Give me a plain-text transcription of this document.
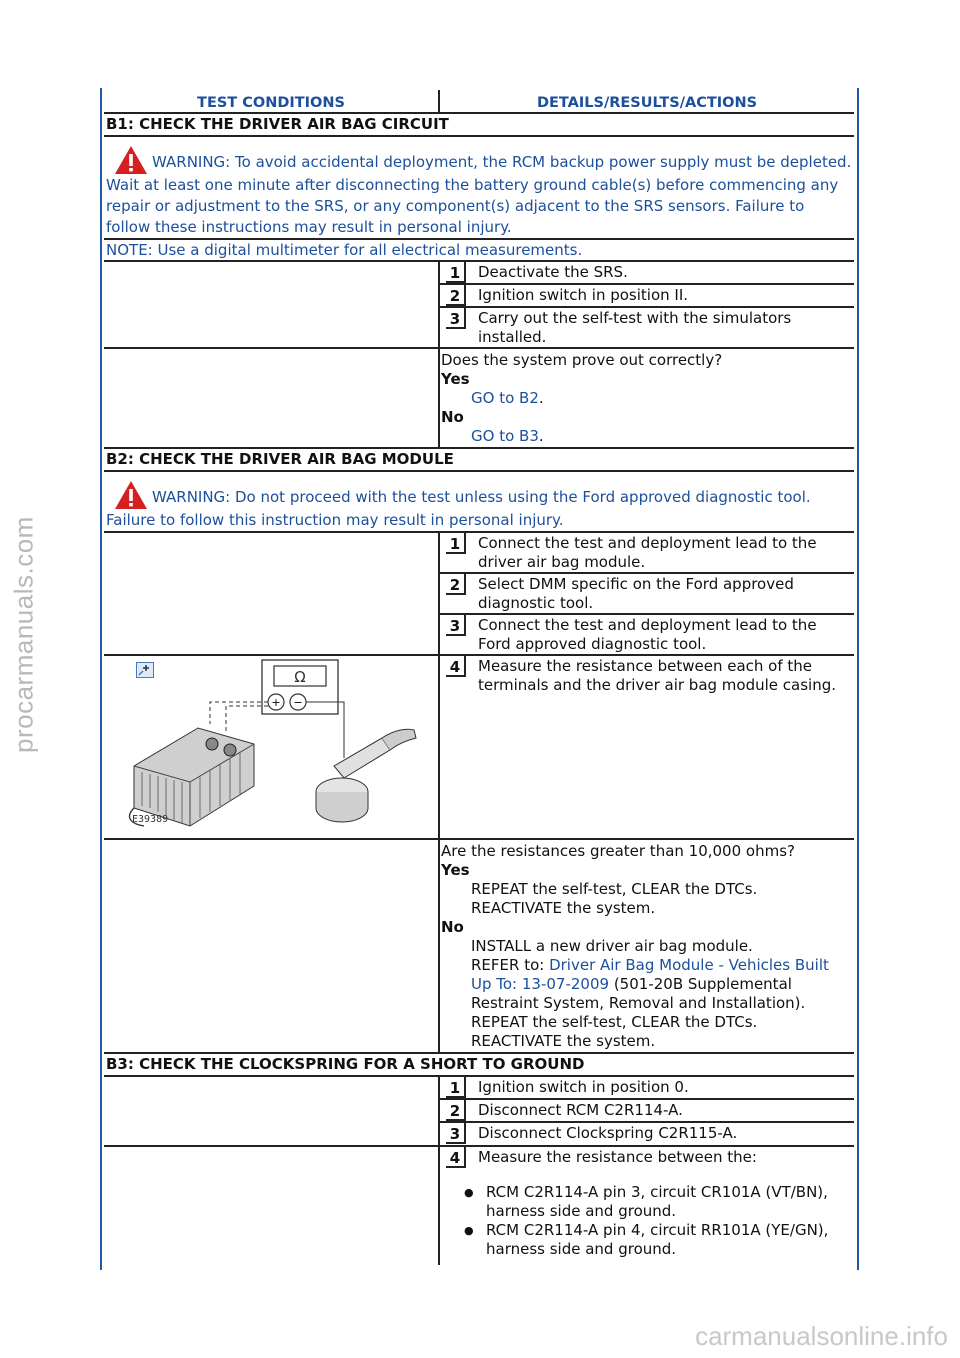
procarmanuals.com
carmanualsonline.info
TEST CONDITIONS	DETAILS/RESULTS/ACTIONS
B1: CHECK THE DRIVER AIR BAG CIRCUIT
WARNING: To avoid accidental deployment, the RCM backup power supply must be depleted. Wait at least one minute after disconnecting the battery ground cable(s) before commencing any repair or adjustment to the SRS, or any component(s) adjacent to the SRS sensors. Failure to follow these instructions may result in personal injury.
NOTE: Use a digital multimeter for all electrical measurements.
1	Deactivate the SRS.
2	Ignition switch in position II.
3	Carry out the self-test with the simulators installed.
Does the system prove out correctly?
Yes
GO to B2.
No
GO to B3.
B2: CHECK THE DRIVER AIR BAG MODULE
WARNING: Do not proceed with the test unless using the Ford approved diagnostic tool. Failure to follow this instruction may result in personal injury.
1	Connect the test and deployment lead to the driver air bag module.
2	Select DMM specific on the Ford approved diagnostic tool.
3	Connect the test and deployment lead to the Ford approved diagnostic tool.
Ω
+ −
E39389
4	Measure the resistance between each of the terminals and the driver air bag module casing.
Are the resistances greater than 10,000 ohms?
Yes
REPEAT the self-test, CLEAR the DTCs.
REACTIVATE the system.
No
INSTALL a new driver air bag module.
REFER to: Driver Air Bag Module - Vehicles Built Up To: 13-07-2009 (501-20B Supplemental Restraint System, Removal and Installation).
REPEAT the self-test, CLEAR the DTCs.
REACTIVATE the system.
B3: CHECK THE CLOCKSPRING FOR A SHORT TO GROUND
1	Ignition switch in position 0.
2	Disconnect RCM C2R114-A.
3	Disconnect Clockspring C2R115-A.
4	Measure the resistance between the:
● RCM C2R114-A pin 3, circuit CR101A (VT/BN), harness side and ground.
● RCM C2R114-A pin 4, circuit RR101A (YE/GN), harness side and ground.
